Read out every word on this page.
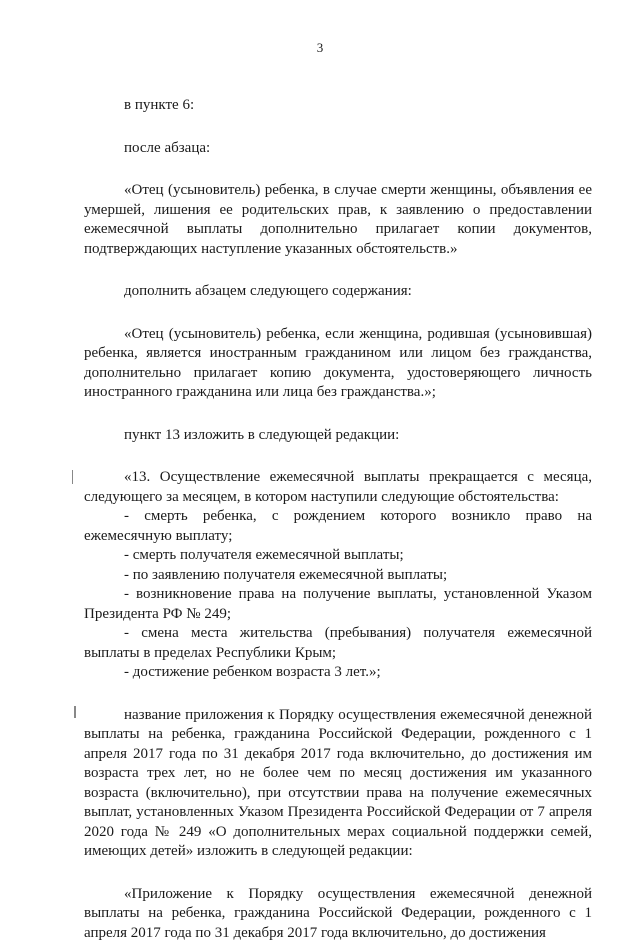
3

в пункте 6:

после абзаца:

«Отец (усыновитель) ребенка, в случае смерти женщины, объявления ее умершей, лишения ее родительских прав, к заявлению о предоставлении ежемесячной выплаты дополнительно прилагает копии документов, подтверждающих наступление указанных обстоятельств.»

дополнить абзацем следующего содержания:

«Отец (усыновитель) ребенка, если женщина, родившая (усыновившая) ребенка, является иностранным гражданином или лицом без гражданства, дополнительно прилагает копию документа, удостоверяющего личность иностранного гражданина или лица без гражданства.»;

пункт 13 изложить в следующей редакции:

«13. Осуществление ежемесячной выплаты прекращается с месяца, следующего за месяцем, в котором наступили следующие обстоятельства:

- смерть ребенка, с рождением которого возникло право на ежемесячную выплату;

- смерть получателя ежемесячной выплаты;

- по заявлению получателя ежемесячной выплаты;

- возникновение права на получение выплаты, установленной Указом Президента РФ № 249;

- смена места жительства (пребывания) получателя ежемесячной выплаты в пределах Республики Крым;

- достижение ребенком возраста 3 лет.»;

название приложения к Порядку осуществления ежемесячной денежной выплаты на ребенка, гражданина Российской Федерации, рожденного с 1 апреля 2017 года по 31 декабря 2017 года включительно, до достижения им возраста трех лет, но не более чем по месяц достижения им указанного возраста (включительно), при отсутствии права на получение ежемесячных выплат, установленных Указом Президента Российской Федерации от 7 апреля 2020 года № 249 «О дополнительных мерах социальной поддержки семей, имеющих детей» изложить в следующей редакции:

«Приложение к Порядку осуществления ежемесячной денежной выплаты на ребенка, гражданина Российской Федерации, рожденного с 1 апреля 2017 года по 31 декабря 2017 года включительно, до достижения
